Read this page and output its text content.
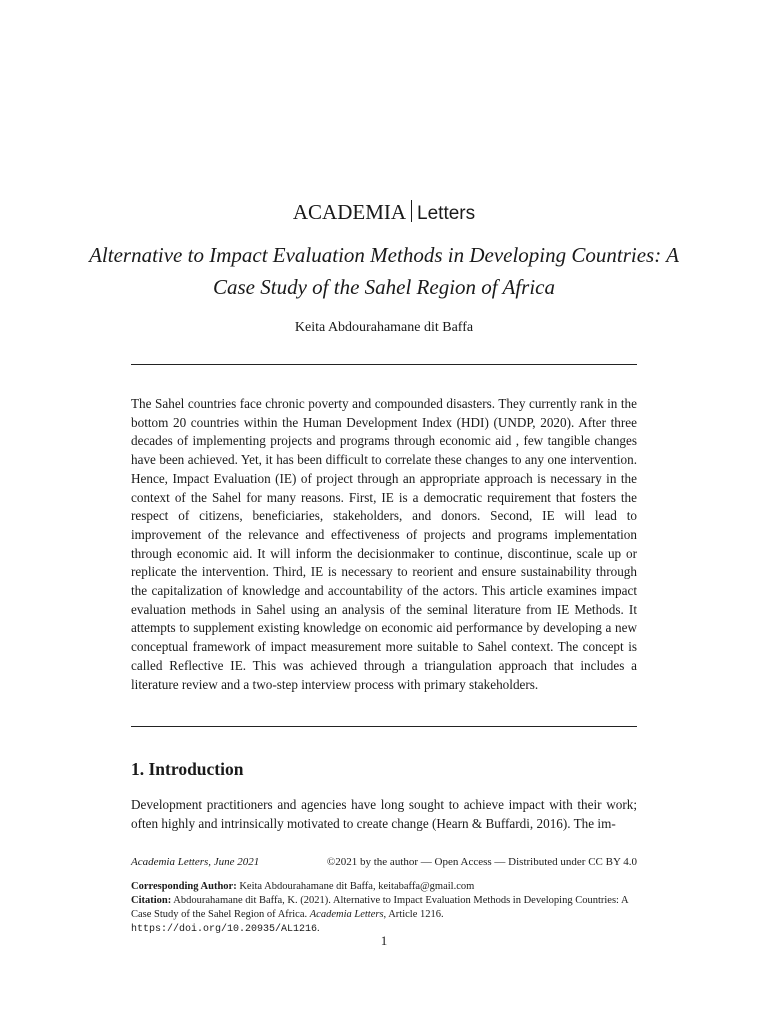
ACADEMIA Letters
Alternative to Impact Evaluation Methods in Developing Countries: A Case Study of the Sahel Region of Africa
Keita Abdourahamane dit Baffa

The Sahel countries face chronic poverty and compounded disasters. They currently rank in the bottom 20 countries within the Human Development Index (HDI) (UNDP, 2020). After three decades of implementing projects and programs through economic aid , few tangible changes have been achieved. Yet, it has been difficult to correlate these changes to any one intervention. Hence, Impact Evaluation (IE) of project through an appropriate approach is necessary in the context of the Sahel for many reasons. First, IE is a democratic requirement that fosters the respect of citizens, beneficiaries, stakeholders, and donors. Second, IE will lead to improvement of the relevance and effectiveness of projects and programs implementation through economic aid. It will inform the decisionmaker to continue, discontinue, scale up or replicate the intervention. Third, IE is necessary to reorient and ensure sustainability through the capitalization of knowledge and accountability of the actors. This article examines impact evaluation methods in Sahel using an analysis of the seminal literature from IE Methods. It attempts to supplement existing knowledge on economic aid performance by developing a new conceptual framework of impact measurement more suitable to Sahel context. The concept is called Reflective IE. This was achieved through a triangulation approach that includes a literature review and a two-step interview process with primary stakeholders.

1. Introduction

Development practitioners and agencies have long sought to achieve impact with their work; often highly and intrinsically motivated to create change (Hearn & Buffardi, 2016). The im-

Academia Letters, June 2021	©2021 by the author — Open Access — Distributed under CC BY 4.0
Corresponding Author: Keita Abdourahamane dit Baffa, keitabaffa@gmail.com
Citation: Abdourahamane dit Baffa, K. (2021). Alternative to Impact Evaluation Methods in Developing Countries: A Case Study of the Sahel Region of Africa. Academia Letters, Article 1216.
https://doi.org/10.20935/AL1216.
1
